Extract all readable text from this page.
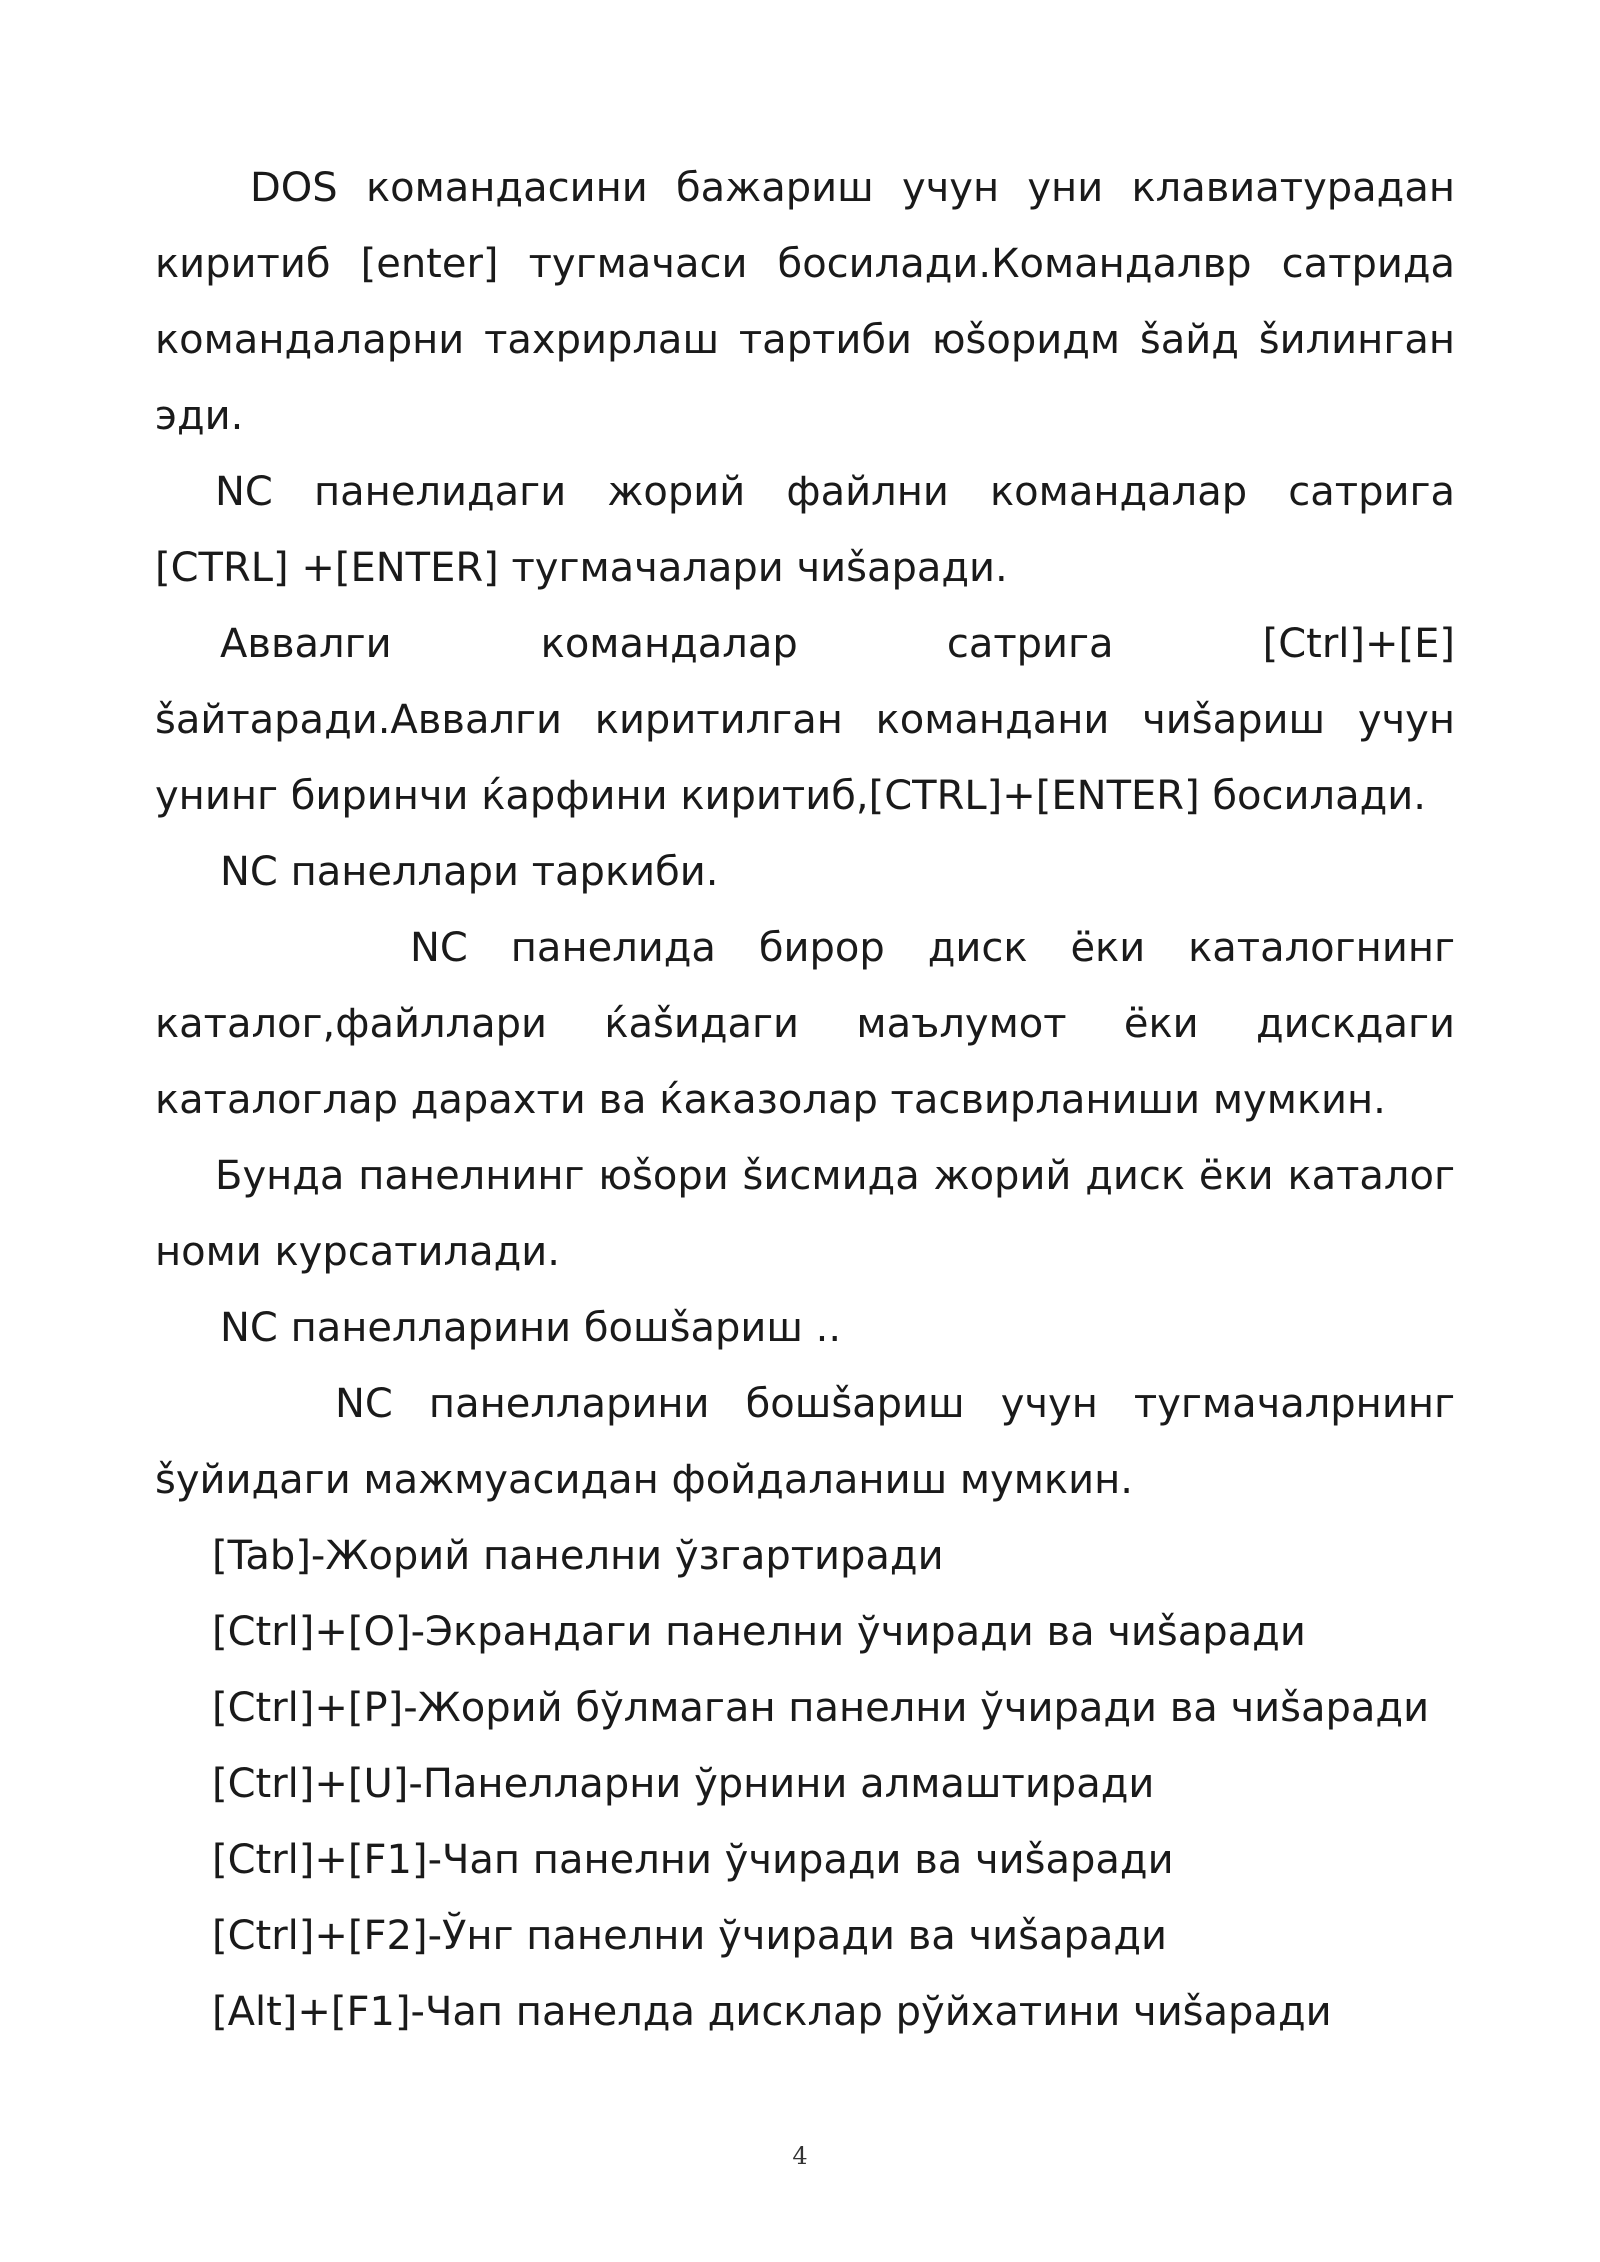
DOS командасини бажариш учун уни клавиатурадан киритиб [enter] тугмачаси босилади.Командалвр сатрида командаларни тахрирлаш тартиби юšоридм šайд šилинган эди.

NC панелидаги жорий файлни командалар сатрига [CTRL] +[ENTER] тугмачалари чиšаради.

Аввалги командалар сатрига [Ctrl]+[E] šайтаради.Аввалги киритилган командани чиšариш учун унинг биринчи ќарфини киритиб,[CTRL]+[ENTER] босилади.

NC панеллари таркиби.

NC панелида бирор диск ёки каталогнинг каталог,файллари ќаšидаги маълумот ёки дискдаги каталоглар дарахти ва ќаказолар тасвирланиши мумкин.

Бунда панелнинг юšори šисмида жорий диск ёки каталог номи курсатилади.

NC панелларини бошšариш ..

NC панелларини бошšариш учун тугмачалрнинг šуйидаги мажмуасидан фойдаланиш мумкин.

[Tab]-Жорий панелни ўзгартиради

[Ctrl]+[O]-Экрандаги панелни ўчиради ва чиšаради

[Ctrl]+[P]-Жорий бўлмаган панелни ўчиради ва чиšаради

[Ctrl]+[U]-Панелларни ўрнини алмаштиради

[Ctrl]+[F1]-Чап панелни ўчиради ва чиšаради

[Ctrl]+[F2]-Ўнг панелни ўчиради ва чиšаради

[Alt]+[F1]-Чап панелда дисклар рўйхатини чиšаради

4
